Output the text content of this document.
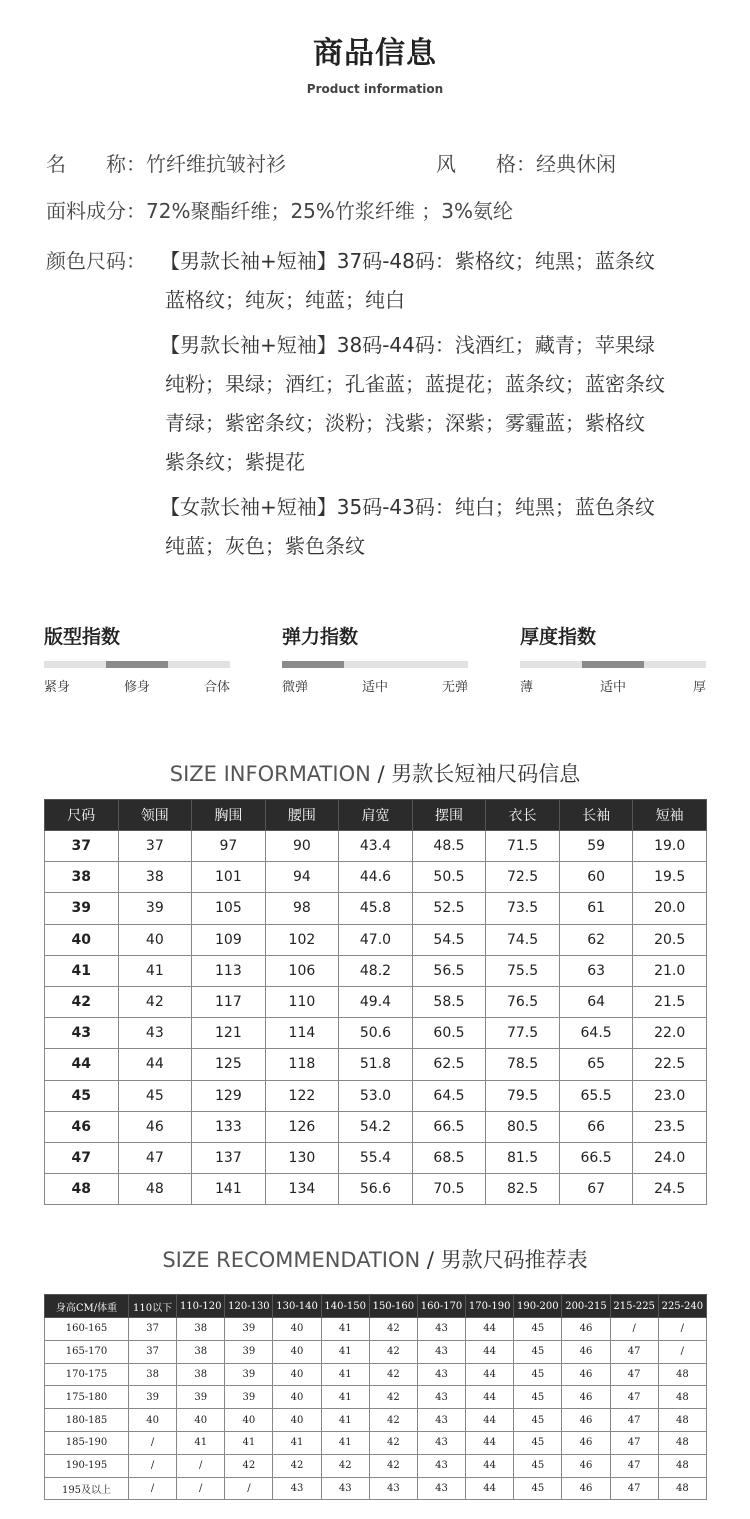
商品信息
Product information
名　　称：竹纤维抗皱衬衫	风　　格：经典休闲
面料成分：72%聚酯纤维；25%竹浆纤维 ；3%氨纶
颜色尺码： 【男款长袖+短袖】37码-48码：紫格纹；纯黑；蓝条纹
蓝格纹；纯灰；纯蓝；纯白
【男款长袖+短袖】38码-44码：浅酒红；藏青；苹果绿
纯粉；果绿；酒红；孔雀蓝；蓝提花；蓝条纹；蓝密条纹
青绿；紫密条纹；淡粉；浅紫；深紫；雾霾蓝；紫格纹
紫条纹；紫提花
【女款长袖+短袖】35码-43码：纯白；纯黑；蓝色条纹
纯蓝；灰色；紫色条纹
版型指数
紧身	修身	合体
弹力指数
微弹	适中	无弹
厚度指数
薄	适中	厚
SIZE INFORMATION / 男款长短袖尺码信息
尺码	领围	胸围	腰围	肩宽	摆围	衣长	长袖	短袖
37	37	97	90	43.4	48.5	71.5	59	19.0
38	38	101	94	44.6	50.5	72.5	60	19.5
39	39	105	98	45.8	52.5	73.5	61	20.0
40	40	109	102	47.0	54.5	74.5	62	20.5
41	41	113	106	48.2	56.5	75.5	63	21.0
42	42	117	110	49.4	58.5	76.5	64	21.5
43	43	121	114	50.6	60.5	77.5	64.5	22.0
44	44	125	118	51.8	62.5	78.5	65	22.5
45	45	129	122	53.0	64.5	79.5	65.5	23.0
46	46	133	126	54.2	66.5	80.5	66	23.5
47	47	137	130	55.4	68.5	81.5	66.5	24.0
48	48	141	134	56.6	70.5	82.5	67	24.5
SIZE RECOMMENDATION / 男款尺码推荐表
身高CM/体重	110以下	110-120	120-130	130-140	140-150	150-160	160-170	170-190	190-200	200-215	215-225	225-240
160-165	37	38	39	40	41	42	43	44	45	46	/	/
165-170	37	38	39	40	41	42	43	44	45	46	47	/
170-175	38	38	39	40	41	42	43	44	45	46	47	48
175-180	39	39	39	40	41	42	43	44	45	46	47	48
180-185	40	40	40	40	41	42	43	44	45	46	47	48
185-190	/	41	41	41	41	42	43	44	45	46	47	48
190-195	/	/	42	42	42	42	43	44	45	46	47	48
195及以上	/	/	/	43	43	43	43	44	45	46	47	48
